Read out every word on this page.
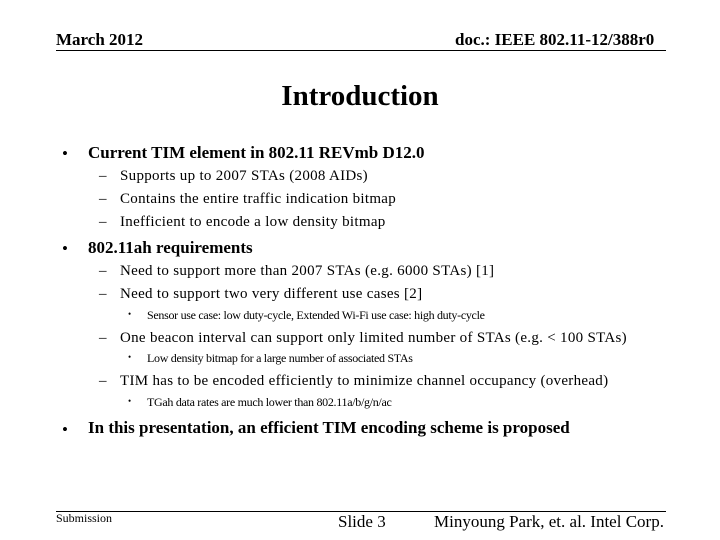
March 2012	doc.: IEEE 802.11-12/388r0
Introduction
• Current TIM element in 802.11 REVmb D12.0
– Supports up to 2007 STAs (2008 AIDs)
– Contains the entire traffic indication bitmap
– Inefficient to encode a low density bitmap
• 802.11ah requirements
– Need to support more than 2007 STAs (e.g. 6000 STAs) [1]
– Need to support two very different use cases [2]
• Sensor use case: low duty-cycle, Extended Wi-Fi use case: high duty-cycle
– One beacon interval can support only limited number of STAs (e.g. < 100 STAs)
• Low density bitmap for a large number of associated STAs
– TIM has to be encoded efficiently to minimize channel occupancy (overhead)
• TGah data rates are much lower than 802.11a/b/g/n/ac
• In this presentation, an efficient TIM encoding scheme is proposed
Submission	Slide 3	Minyoung Park, et. al. Intel Corp.
